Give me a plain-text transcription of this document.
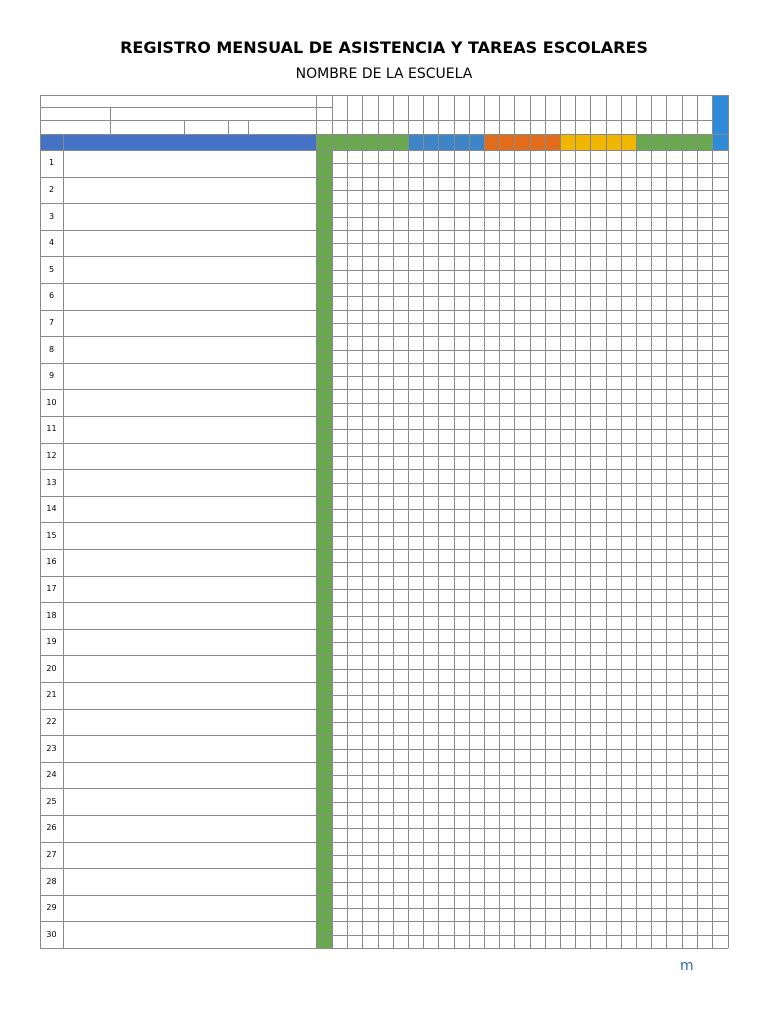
REGISTRO MENSUAL DE ASISTENCIA Y TAREAS ESCOLARES
NOMBRE DE LA ESCUELA
1
2
3
4
5
6
7
8
9
10
11
12
13
14
15
16
17
18
19
20
21
22
23
24
25
26
27
28
29
30
m
